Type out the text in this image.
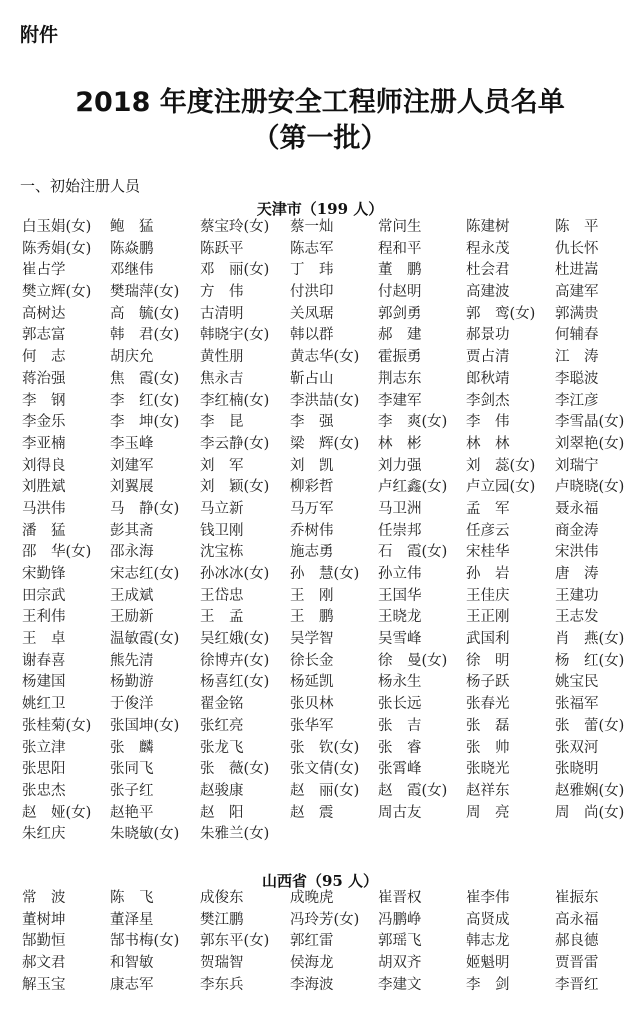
附件
2018 年度注册安全工程师注册人员名单
（第一批）
一、初始注册人员
天津市（199 人）
白玉娟(女) 鲍　猛	蔡宝玲(女) 蔡一灿	常问生	陈建树	陈　平
陈秀娟(女) 陈焱鹏	陈跃平	陈志军	程和平	程永茂	仇长怀
崔占学	邓继伟	邓　丽(女) 丁　玮	董　鹏	杜会君	杜进嵩
樊立辉(女) 樊瑞萍(女) 方　伟	付洪印	付赵明	高建波	高建军
高树达	高　毓(女) 古清明	关凤琚	郭剑勇	郭　鸾(女) 郭满贵
郭志富	韩　君(女) 韩晓宇(女) 韩以群	郝　建	郝景功	何辅春
何　志	胡庆允	黄性朋	黄志华(女) 霍振勇	贾占清	江　涛
蒋治强	焦　霞(女) 焦永吉	靳占山	荆志东	郎秋靖	李聪波
李　钢	李　红(女) 李红楠(女) 李洪喆(女) 李建军	李剑杰	李江彦
李金乐	李　坤(女) 李　昆	李　强	李　爽(女) 李　伟	李雪晶(女)
李亚楠	李玉峰	李云静(女) 梁　辉(女) 林　彬	林　林	刘翠艳(女)
刘得良	刘建军	刘　军	刘　凯	刘力强	刘　蕊(女) 刘瑞宁
刘胜斌	刘翼展	刘　颖(女) 柳彩哲	卢红鑫(女) 卢立园(女) 卢晓晓(女)
马洪伟	马　静(女) 马立新	马万军	马卫洲	孟　军	聂永福
潘　猛	彭其斋	钱卫刚	乔树伟	任崇邦	任彦云	商金涛
邵　华(女) 邵永海	沈宝栋	施志勇	石　霞(女) 宋桂华	宋洪伟
宋勤锋	宋志红(女) 孙冰冰(女) 孙　慧(女) 孙立伟	孙　岩	唐　涛
田宗武	王成斌	王岱忠	王　刚	王国华	王佳庆	王建功
王利伟	王励新	王　孟	王　鹏	王晓龙	王正刚	王志发
王　卓	温敏霞(女) 吴红娥(女) 吴学智	吴雪峰	武国利	肖　燕(女)
谢春喜	熊先清	徐博卉(女) 徐长金	徐　曼(女) 徐　明	杨　红(女)
杨建国	杨勤游	杨喜红(女) 杨延凯	杨永生	杨子跃	姚宝民
姚红卫	于俊洋	翟金铭	张贝林	张长远	张春光	张福军
张桂菊(女) 张国坤(女) 张红亮	张华军	张　吉	张　磊	张　蕾(女)
张立津	张　麟	张龙飞	张　钦(女) 张　睿	张　帅	张双河
张思阳	张同飞	张　薇(女) 张文倩(女) 张霄峰	张晓光	张晓明
张忠杰	张子红	赵骏康	赵　丽(女) 赵　霞(女) 赵祥东	赵雅娴(女)
赵　娅(女) 赵艳平	赵　阳	赵　震	周古友	周　亮	周　尚(女)
朱红庆	朱晓敏(女) 朱雅兰(女)
山西省（95 人）
常　波	陈　飞	成俊东	成晚虎	崔晋权	崔李伟	崔振东
董树坤	董泽星	樊江鹏	冯玲芳(女) 冯鹏峥	高贤成	高永福
郜勤恒	郜书梅(女) 郭东平(女) 郭红雷	郭瑶飞	韩志龙	郝良德
郝文君	和智敏	贺瑞智	侯海龙	胡双齐	姬魁明	贾晋雷
解玉宝	康志军	李东兵	李海波	李建文	李　剑	李晋红
